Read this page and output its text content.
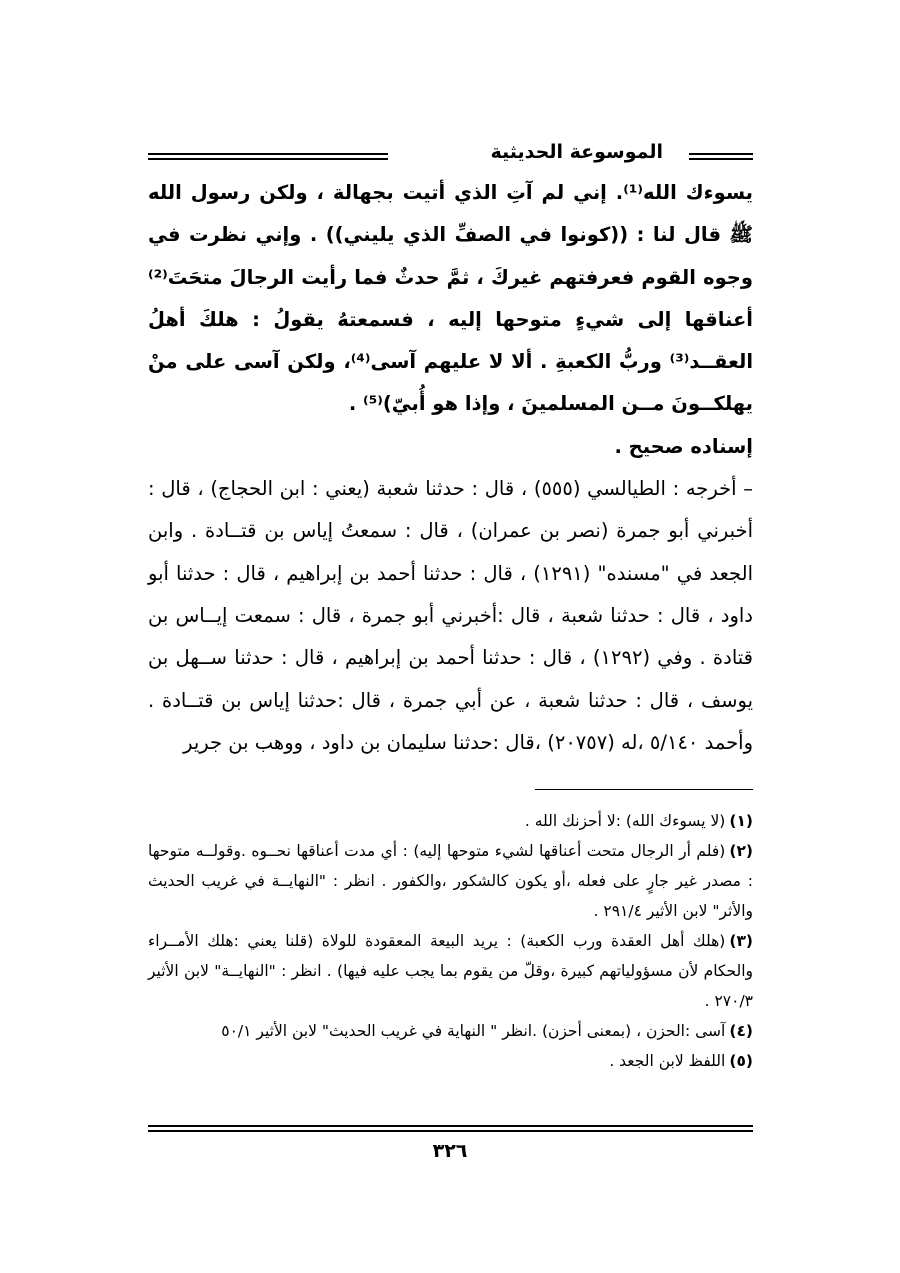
الموسوعة الحديثية

يسوءك الله⁽¹⁾. إني لم آتِ الذي أتيت بجهالة ، ولكن رسول الله ﷺ قال لنا : ((كونوا في الصفِّ الذي يليني)) . وإني نظرت في وجوه القوم فعرفتهم غيركَ ، ثمَّ حدثٌ فما رأيت الرجالَ متحَتَ⁽²⁾ أعناقها إلى شيءٍ متوحها إليه ، فسمعتهُ يقولُ : هلكَ أهلُ العقــد⁽³⁾ وربُّ الكعبةِ . ألا لا عليهم آسى⁽⁴⁾، ولكن آسى على منْ يهلكــونَ مــن المسلمينَ ، وإذا هو أُبيّ)⁽⁵⁾ .

إسناده صحيح .

– أخرجه : الطيالسي (٥٥٥) ، قال : حدثنا شعبة (يعني : ابن الحجاج) ، قال : أخبرني أبو جمرة (نصر بن عمران) ، قال : سمعتُ إياس بن قتــادة . وابن الجعد في "مسنده" (١٢٩١) ، قال : حدثنا أحمد بن إبراهيم ، قال : حدثنا أبو داود ، قال : حدثنا شعبة ، قال :أخبرني أبو جمرة ، قال : سمعت إيــاس بن قتادة . وفي (١٢٩٢) ، قال : حدثنا أحمد بن إبراهيم ، قال : حدثنا ســهل بن يوسف ، قال : حدثنا شعبة ، عن أبي جمرة ، قال :حدثنا إياس بن قتــادة . وأحمد ٥/١٤٠ ،له (٢٠٧٥٧) ،قال :حدثنا سليمان بن داود ، ووهب بن جرير

(١)(لا يسوءك الله) :لا أحزنك الله .

(٢)(فلم أر الرجال متحت أعناقها لشيء متوحها إليه) : أي مدت أعناقها نحــوه .وقولــه متوحها : مصدر غير جارٍ على فعله ،أو يكون كالشكور ،والكفور . انظر : "النهايــة في غريب الحديث والأثر" لابن الأثير ٢٩١/٤ .

(٣)(هلك أهل العقدة ورب الكعبة) : يريد البيعة المعقودة للولاة (قلنا يعني :هلك الأمــراء والحكام لأن مسؤولياتهم كبيرة ،وقلّ من يقوم بما يجب عليه فيها) . انظر : "النهايــة" لابن الأثير ٢٧٠/٣ .

(٤)آسى :الحزن ، (بمعنى أحزن) .انظر " النهاية في غريب الحديث" لابن الأثير ٥٠/١

(٥)اللفظ لابن الجعد .

٣٢٦
